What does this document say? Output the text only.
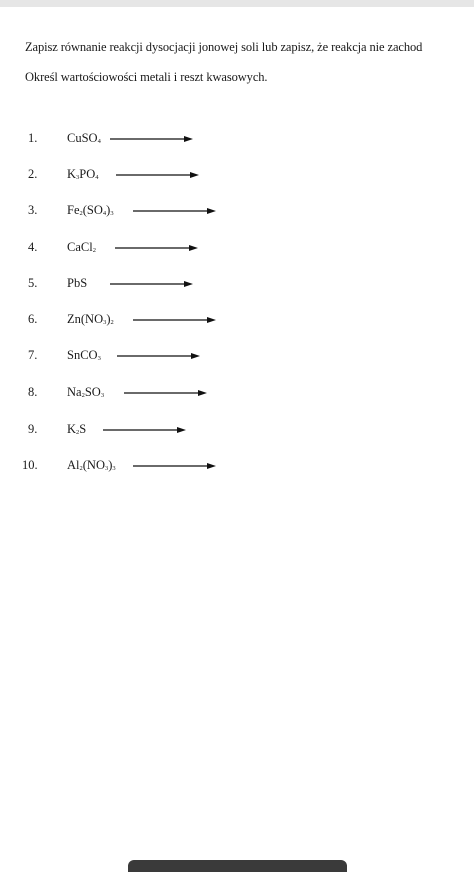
Zapisz równanie reakcji dysocjacji jonowej soli lub zapisz, że reakcja nie zachod
Określ wartościowości metali i reszt kwasowych.
1.	CuSO$_4$
2.	$K_3PO_4$
3.	$Fe_2(SO_4)_3$
4.	CaCl$_2$
5.	PbS
6.	$Zn(NO_3)_2$
7.	SnCO$_3$
8.	$Na_2SO_3$
9.	$K_2S$
10.	$Al_2(NO_3)_3$
